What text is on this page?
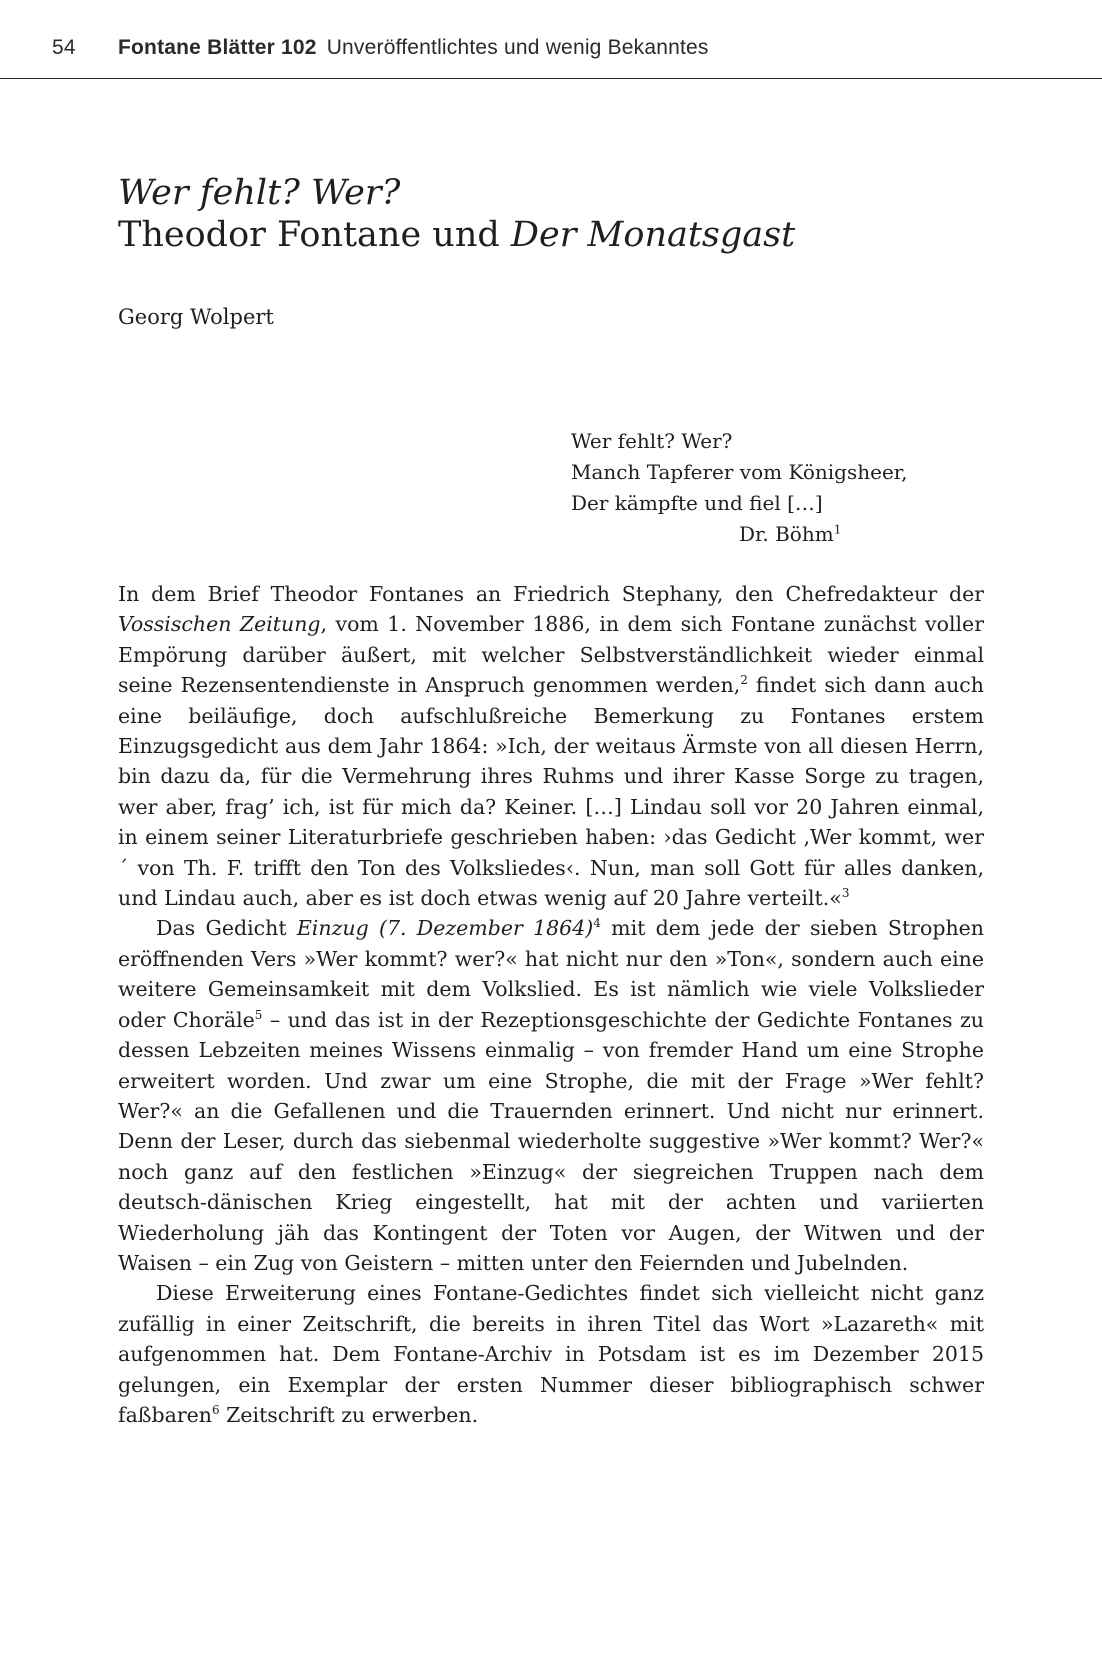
54 Fontane Blätter 102 Unveröffentlichtes und wenig Bekanntes
Wer fehlt? Wer?
Theodor Fontane und Der Monatsgast
Georg Wolpert
Wer fehlt? Wer?
Manch Tapferer vom Königsheer,
Der kämpfte und fiel […]
Dr. Böhm$^1$

In dem Brief Theodor Fontanes an Friedrich Stephany, den Chefredakteur der Vossischen Zeitung, vom 1. November 1886, in dem sich Fontane zunächst voller Empörung darüber äußert, mit welcher Selbstverständlichkeit wieder einmal seine Rezensentendienste in Anspruch genommen werden,$^2$ findet sich dann auch eine beiläufige, doch aufschlußreiche Bemerkung zu Fontanes erstem Einzugsgedicht aus dem Jahr 1864: »Ich, der weitaus Ärmste von all diesen Herrn, bin dazu da, für die Vermehrung ihres Ruhms und ihrer Kasse Sorge zu tragen, wer aber, frag’ ich, ist für mich da? Keiner. […] Lindau soll vor 20 Jahren einmal, in einem seiner Literaturbriefe geschrieben haben: ›das Gedicht ‚Wer kommt, wer´ von Th. F. trifft den Ton des Volksliedes‹. Nun, man soll Gott für alles danken, und Lindau auch, aber es ist doch etwas wenig auf 20 Jahre verteilt.«$^3$

Das Gedicht Einzug (7. Dezember 1864)$^4$ mit dem jede der sieben Strophen eröffnenden Vers »Wer kommt? wer?« hat nicht nur den »Ton«, sondern auch eine weitere Gemeinsamkeit mit dem Volkslied. Es ist nämlich wie viele Volkslieder oder Choräle$^5$ – und das ist in der Rezeptionsgeschichte der Gedichte Fontanes zu dessen Lebzeiten meines Wissens einmalig – von fremder Hand um eine Strophe erweitert worden. Und zwar um eine Strophe, die mit der Frage »Wer fehlt? Wer?« an die Gefallenen und die Trauernden erinnert. Und nicht nur erinnert. Denn der Leser, durch das siebenmal wiederholte suggestive »Wer kommt? Wer?« noch ganz auf den festlichen »Einzug« der siegreichen Truppen nach dem deutsch-dänischen Krieg eingestellt, hat mit der achten und variierten Wiederholung jäh das Kontingent der Toten vor Augen, der Witwen und der Waisen – ein Zug von Geistern – mitten unter den Feiernden und Jubelnden.

Diese Erweiterung eines Fontane-Gedichtes findet sich vielleicht nicht ganz zufällig in einer Zeitschrift, die bereits in ihren Titel das Wort »Lazareth« mit aufgenommen hat. Dem Fontane-Archiv in Potsdam ist es im Dezember 2015 gelungen, ein Exemplar der ersten Nummer dieser bibliographisch schwer faßbaren$^6$ Zeitschrift zu erwerben.
